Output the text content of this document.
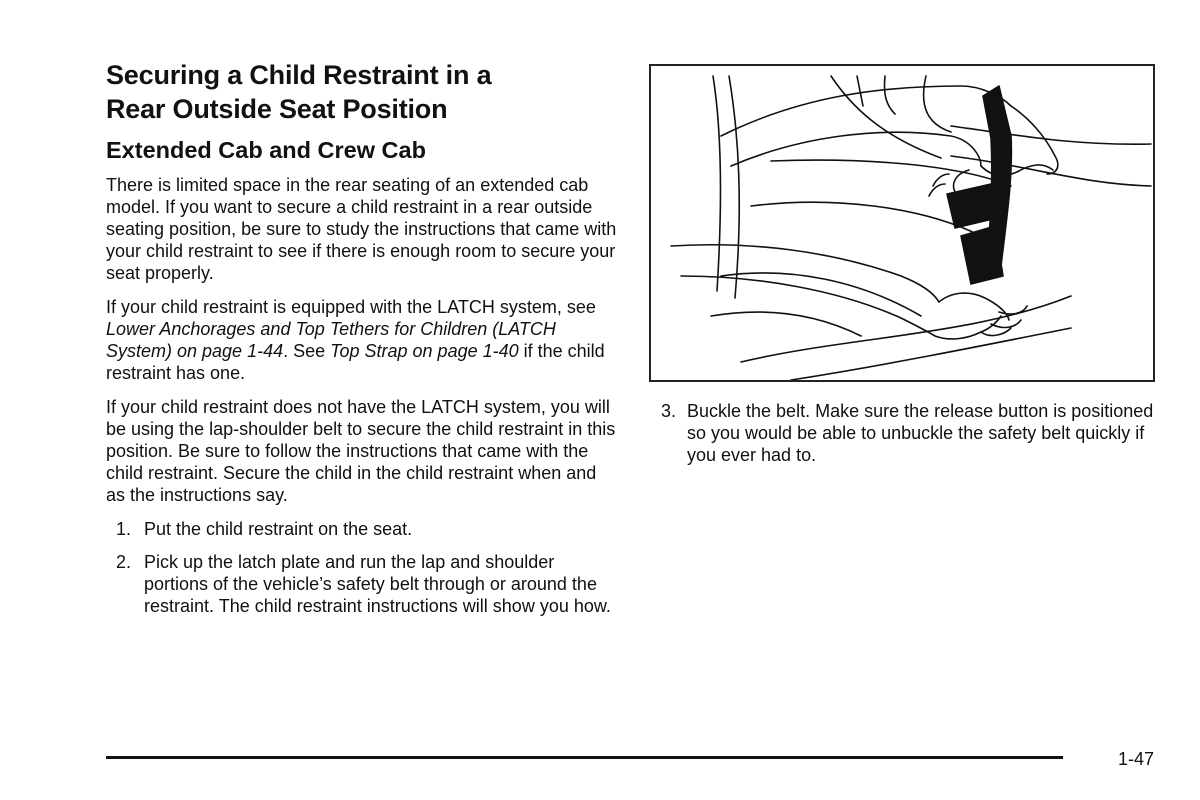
Securing a Child Restraint in a
Rear Outside Seat Position
Extended Cab and Crew Cab

There is limited space in the rear seating of an extended cab model. If you want to secure a child restraint in a rear outside seating position, be sure to study the instructions that came with your child restraint to see if there is enough room to secure your seat properly.

If your child restraint is equipped with the LATCH system, see Lower Anchorages and Top Tethers for Children (LATCH System) on page 1-44. See Top Strap on page 1-40 if the child restraint has one.

If your child restraint does not have the LATCH system, you will be using the lap-shoulder belt to secure the child restraint in this position. Be sure to follow the instructions that came with the child restraint. Secure the child in the child restraint when and as the instructions say.

1. Put the child restraint on the seat.
2. Pick up the latch plate and run the lap and shoulder portions of the vehicle’s safety belt through or around the restraint. The child restraint instructions will show you how.
3. Buckle the belt. Make sure the release button is positioned so you would be able to unbuckle the safety belt quickly if you ever had to.
1-47
